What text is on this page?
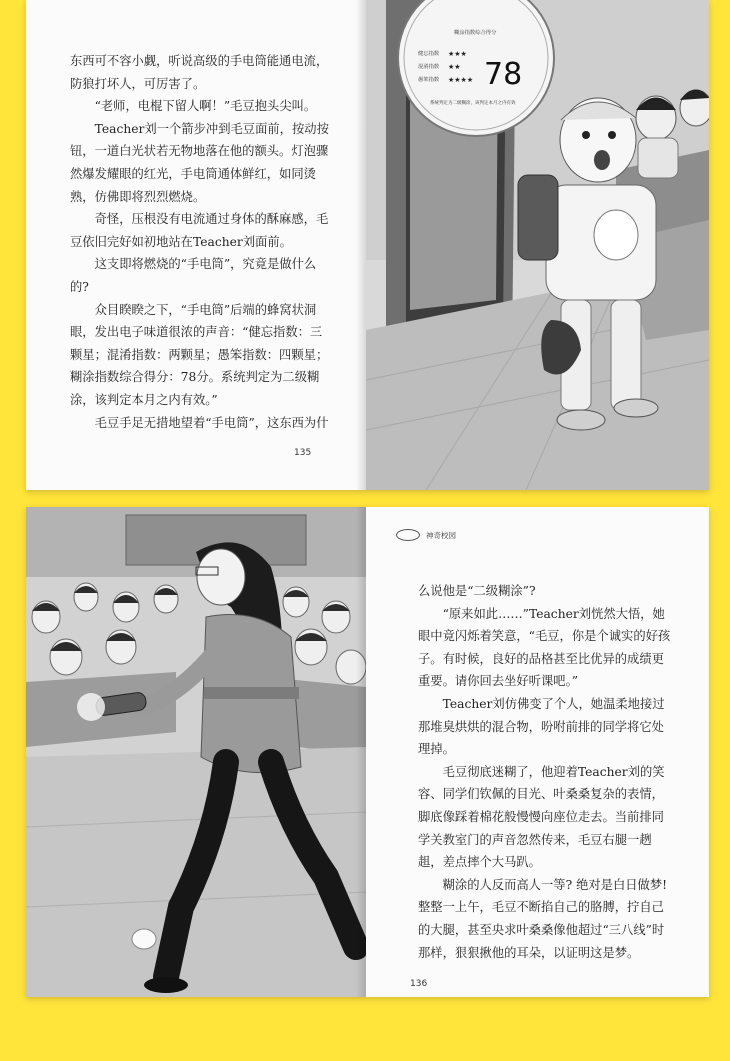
东西可不容小觑，听说高级的手电筒能通电流，防狼打坏人，可厉害了。

“老师，电棍下留人啊！”毛豆抱头尖叫。

Teacher刘一个箭步冲到毛豆面前，按动按钮，一道白光状若无物地落在他的额头。灯泡骤然爆发耀眼的红光，手电筒通体鲜红，如同烫熟，仿佛即将烈烈燃烧。

奇怪，压根没有电流通过身体的酥麻感，毛豆依旧完好如初地站在Teacher刘面前。

这支即将燃烧的“手电筒”，究竟是做什么的?

众目睽睽之下，“手电筒”后端的蜂窝状洞眼，发出电子味道很浓的声音：“健忘指数：三颗星；混淆指数：两颗星；愚笨指数：四颗星；糊涂指数综合得分：78分。系统判定为二级糊涂，该判定本月之内有效。”

毛豆手足无措地望着“手电筒”，这东西为什

135
糊涂指数综合得分
健忘指数 ★★★
混淆指数 ★★
愚笨指数 ★★★★ 78
系统判定为二级糊涂，该判定本月之内有效
神奇校园

么说他是“二级糊涂”?

“原来如此……”Teacher刘恍然大悟，她眼中竟闪烁着笑意，“毛豆，你是个诚实的好孩子。有时候，良好的品格甚至比优异的成绩更重要。请你回去坐好听课吧。”

Teacher刘仿佛变了个人，她温柔地接过那堆臭烘烘的混合物，吩咐前排的同学将它处理掉。

毛豆彻底迷糊了，他迎着Teacher刘的笑容、同学们钦佩的目光、叶桑桑复杂的表情，脚底像踩着棉花般慢慢向座位走去。当前排同学关教室门的声音忽然传来，毛豆右腿一趔趄，差点摔个大马趴。

糊涂的人反而高人一等? 绝对是白日做梦!整整一上午，毛豆不断掐自己的胳膊，拧自己的大腿，甚至央求叶桑桑像他超过“三八线”时那样，狠狠揪他的耳朵，以证明这是梦。

136
